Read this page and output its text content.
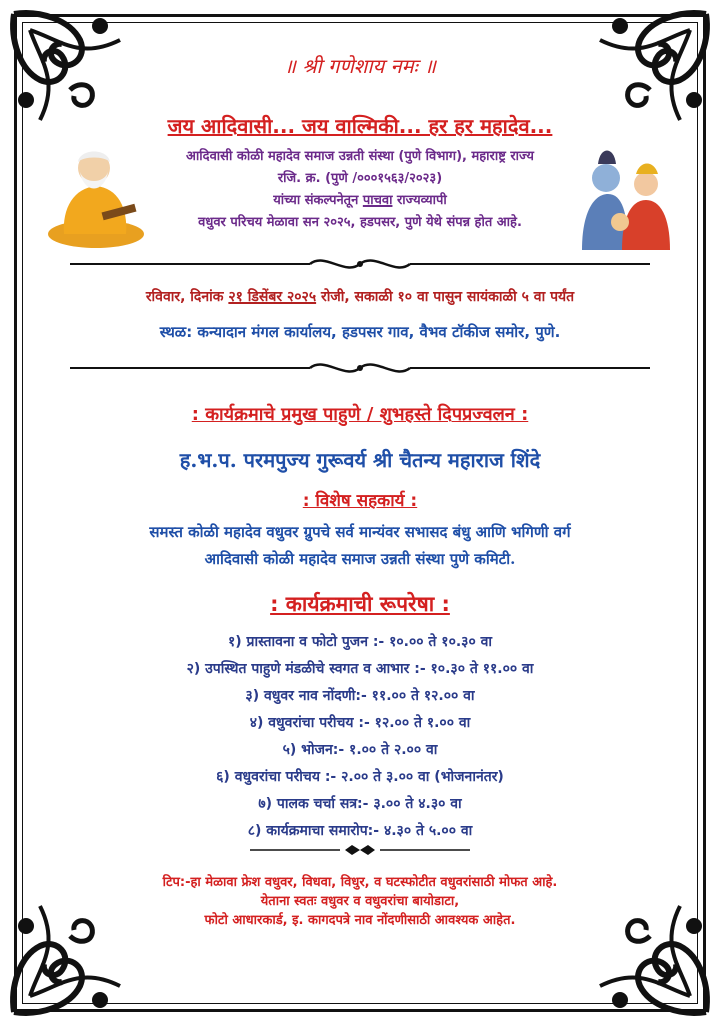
॥ श्री गणेशाय नमः ॥
जय आदिवासी... जय वाल्मिकी... हर हर महादेव...
आदिवासी कोळी महादेव समाज उन्नती संस्था (पुणे विभाग), महाराष्ट्र राज्य
रजि. क्र. (पुणे /०००१५६३/२०२३)
यांच्या संकल्पनेतून पाचवा राज्यव्यापी
वधुवर परिचय मेळावा सन २०२५, हडपसर, पुणे येथे संपन्न होत आहे.
रविवार, दिनांक २१ डिसेंबर २०२५ रोजी, सकाळी १० वा पासुन सायंकाळी ५ वा पर्यंत
स्थळ: कन्यादान मंगल कार्यालय, हडपसर गाव, वैभव टॉकीज समोर, पुणे.
: कार्यक्रमाचे प्रमुख पाहुणे / शुभहस्ते दिपप्रज्वलन :
ह.भ.प. परमपुज्य गुरूवर्य श्री चैतन्य महाराज शिंदे
: विशेष सहकार्य :
समस्त कोळी महादेव वधुवर ग्रुपचे सर्व मान्यंवर सभासद बंधु आणि भगिणी वर्ग
आदिवासी कोळी महादेव समाज उन्नती संस्था पुणे कमिटी.
: कार्यक्रमाची रूपरेषा :
१) प्रास्तावना व फोटो पुजन :- १०.०० ते १०.३० वा
२) उपस्थित पाहुणे मंडळीचे स्वगत व आभार :- १०.३० ते ११.०० वा
३) वधुवर नाव नोंदणी:- ११.०० ते १२.०० वा
४) वधुवरांचा परीचय :- १२.०० ते १.०० वा
५) भोजन:- १.०० ते २.०० वा
६) वधुवरांचा परीचय :- २.०० ते ३.०० वा (भोजनानंतर)
७) पालक चर्चा सत्र:- ३.०० ते ४.३० वा
८) कार्यक्रमाचा समारोप:- ४.३० ते ५.०० वा
टिप:-हा मेळावा फ्रेश वधुवर, विधवा, विधुर, व घटस्फोटीत वधुवरांसाठी मोफत आहे.
येताना स्वतः वधुवर व वधुवरांचा बायोडाटा,
फोटो आधारकार्ड, इ. कागदपत्रे नाव नोंदणीसाठी आवश्यक आहेत.
